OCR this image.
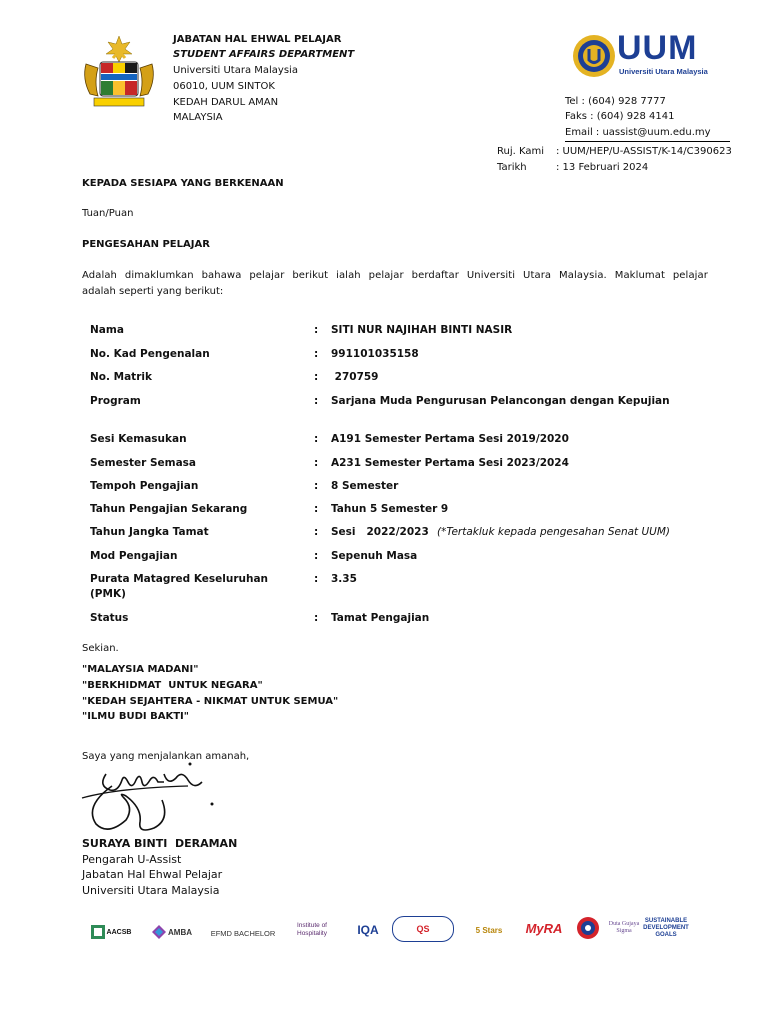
JABATAN HAL EHWAL PELAJAR
STUDENT AFFAIRS DEPARTMENT
Universiti Utara Malaysia
06010, UUM SINTOK
KEDAH DARUL AMAN
MALAYSIA
UUM
Universiti Utara Malaysia
Tel : (604) 928 7777
Faks : (604) 928 4141
Email : uassist@uum.edu.my
Ruj. Kami : UUM/HEP/U-ASSIST/K-14/C390623
Tarikh	: 13 Februari 2024
KEPADA SESIAPA YANG BERKENAAN
Tuan/Puan
PENGESAHAN PELAJAR
Adalah dimaklumkan bahawa pelajar berikut ialah pelajar berdaftar Universiti Utara Malaysia. Maklumat pelajar
adalah seperti yang berikut:
Nama	: SITI NUR NAJIHAH BINTI NASIR
No. Kad Pengenalan	: 991101035158
No. Matrik	: 270759
Program	: Sarjana Muda Pengurusan Pelancongan dengan Kepujian
Sesi Kemasukan	: A191 Semester Pertama Sesi 2019/2020
Semester Semasa	: A231 Semester Pertama Sesi 2023/2024
Tempoh Pengajian	: 8 Semester
Tahun Pengajian Sekarang	: Tahun 5 Semester 9
Tahun Jangka Tamat	: Sesi   2022/2023 (*Tertakluk kepada pengesahan Senat UUM)
Mod Pengajian	: Sepenuh Masa
Purata Matagred Keseluruhan
(PMK)
: 3.35
Status	: Tamat Pengajian
Sekian.
"MALAYSIA MADANI"
"BERKHIDMAT  UNTUK NEGARA"
"KEDAH SEJAHTERA - NIKMAT UNTUK SEMUA"
"ILMU BUDI BAKTI"
Saya yang menjalankan amanah,
SURAYA BINTI  DERAMAN
Pengarah U-Assist
Jabatan Hal Ehwal Pelajar
Universiti Utara Malaysia
AACSB	AMBA	EFMD BACHELOR
Institute of Hospitality	IQA	QS	5 Stars	MyRA	Duta Gujaya Sigma
SUSTAINABLE DEVELOPMENT GOALS
